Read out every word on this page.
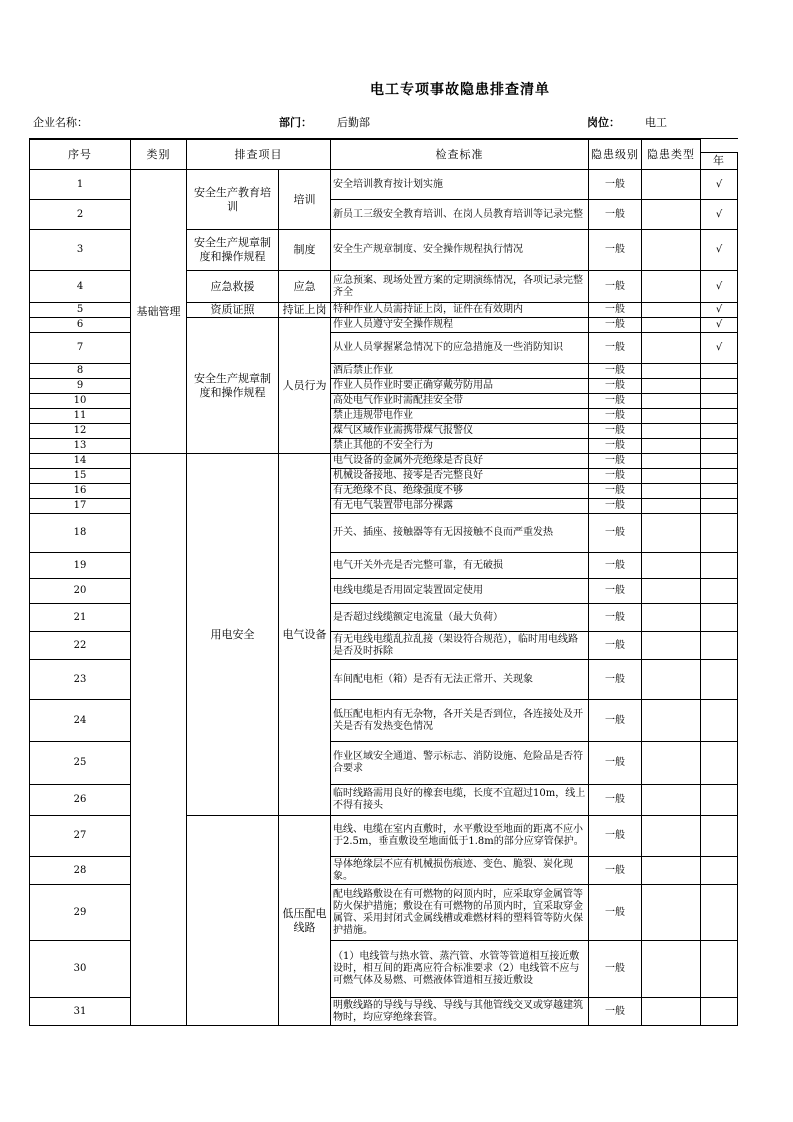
电工专项事故隐患排查清单
企业名称：	部门： 后勤部	岗位： 电工
序号	类别	排查项目		检查标准	隐患级别	隐患类型	
							年
1	基础管理	安全生产教育培训	培训	安全培训教育按计划实施	一般		√
2				新员工三级安全教育培训、在岗人员教育培训等记录完整	一般		√
3		安全生产规章制度和操作规程	制度	安全生产规章制度、安全操作规程执行情况	一般		√
4		应急救援	应急	应急预案、现场处置方案的定期演练情况，各项记录完整齐全	一般		√
5		资质证照	持证上岗	特种作业人员需持证上岗，证件在有效期内	一般		√
6		安全生产规章制度和操作规程	人员行为	作业人员遵守安全操作规程	一般		√
7				从业人员掌握紧急情况下的应急措施及一些消防知识	一般		√
8				酒后禁止作业	一般		
9				作业人员作业时要正确穿戴劳防用品	一般		
10				高处电气作业时需配挂安全带	一般		
11				禁止违规带电作业	一般		
12				煤气区域作业需携带煤气报警仪	一般		
13				禁止其他的不安全行为	一般		
14		用电安全	电气设备	电气设备的金属外壳绝缘是否良好	一般		
15				机械设备接地、接零是否完整良好	一般		
16				有无绝缘不良、绝缘强度不够	一般		
17				有无电气装置带电部分裸露	一般		
18				开关、插座、接触器等有无因接触不良而严重发热	一般		
19				电气开关外壳是否完整可靠，有无破损	一般		
20				电线电缆是否用固定装置固定使用	一般		
21				是否超过线缆额定电流量（最大负荷）	一般		
22				有无电线电缆乱拉乱接（架设符合规范），临时用电线路是否及时拆除	一般		
23				车间配电柜（箱）是否有无法正常开、关现象	一般		
24				低压配电柜内有无杂物，各开关是否到位，各连接处及开关是否有发热变色情况	一般		
25				作业区域安全通道、警示标志、消防设施、危险品是否符合要求	一般		
26				临时线路需用良好的橡套电缆，长度不宜超过10m，线上不得有接头	一般		
27			低压配电线路	电线、电缆在室内直敷时，水平敷设至地面的距离不应小于2.5m，垂直敷设至地面低于1.8m的部分应穿管保护。	一般		
28				导体绝缘层不应有机械损伤痕迹、变色、脆裂、炭化现象。	一般		
29				配电线路敷设在有可燃物的闷顶内时，应采取穿金属管等防火保护措施；敷设在有可燃物的吊顶内时，宜采取穿金属管、采用封闭式金属线槽或难燃材料的塑料管等防火保护措施。	一般		
30				（1）电线管与热水管、蒸汽管、水管等管道相互接近敷设时，相互间的距离应符合标准要求（2）电线管不应与可燃气体及易燃、可燃液体管道相互接近敷设	一般		
31				明敷线路的导线与导线、导线与其他管线交叉或穿越建筑物时，均应穿绝缘套管。	一般		
